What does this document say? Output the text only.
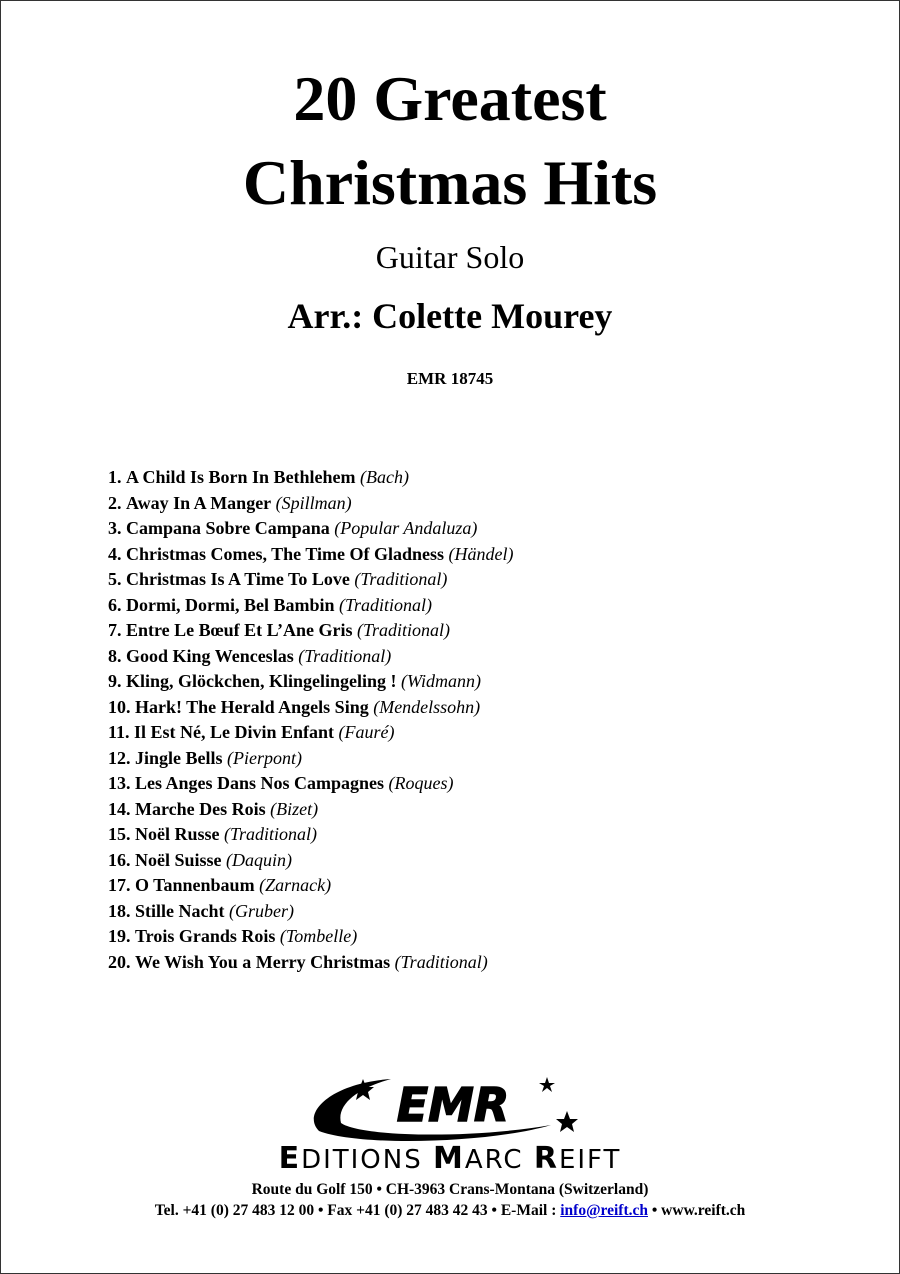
20 Greatest
Christmas Hits
Guitar Solo
Arr.: Colette Mourey
EMR 18745
1. A Child Is Born In Bethlehem (Bach)
2. Away In A Manger (Spillman)
3. Campana Sobre Campana (Popular Andaluza)
4. Christmas Comes, The Time Of Gladness (Händel)
5. Christmas Is A Time To Love (Traditional)
6. Dormi, Dormi, Bel Bambin (Traditional)
7. Entre Le Bœuf Et L’Ane Gris (Traditional)
8. Good King Wenceslas (Traditional)
9. Kling, Glöckchen, Klingelingeling ! (Widmann)
10. Hark! The Herald Angels Sing (Mendelssohn)
11. Il Est Né, Le Divin Enfant (Fauré)
12. Jingle Bells (Pierpont)
13. Les Anges Dans Nos Campagnes (Roques)
14. Marche Des Rois (Bizet)
15. Noël Russe (Traditional)
16. Noël Suisse (Daquin)
17. O Tannenbaum (Zarnack)
18. Stille Nacht (Gruber)
19. Trois Grands Rois (Tombelle)
20. We Wish You a Merry Christmas (Traditional)
EMR
EDITIONS MARC REIFT
Route du Golf 150 • CH-3963 Crans-Montana (Switzerland)
Tel. +41 (0) 27 483 12 00 • Fax +41 (0) 27 483 42 43 • E-Mail : info@reift.ch • www.reift.ch
